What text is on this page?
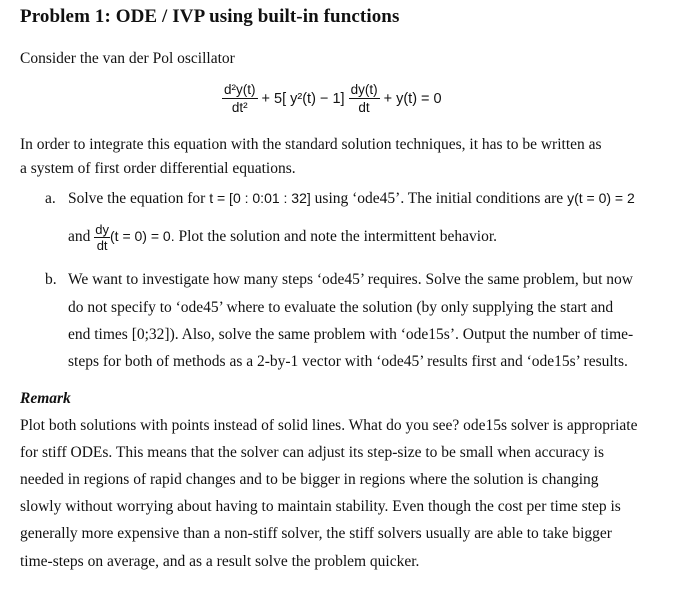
Problem 1: ODE / IVP using built-in functions
Consider the van der Pol oscillator
$\frac{\text{d²y(t)}}{\text{dt²}} + 5$[ $y^2(t) - 1] \frac{dy(t)}{dt} + y(t) = 0$
In order to integrate this equation with the standard solution techniques, it has to be written as
a system of first order differential equations.
a. Solve the equation for t = [0 : 0:01 : 32] using ‘ode45’. The initial conditions are y(t = 0) = 2
and $\frac{dy}{dt} (t = 0) = 0$. Plot the solution and note the intermittent behavior.
b. We want to investigate how many steps ‘ode45’ requires. Solve the same problem, but now
do not specify to ‘ode45’ where to evaluate the solution (by only supplying the start and
end times [0;32]). Also, solve the same problem with ‘ode15s’. Output the number of time-
steps for both of methods as a 2-by-1 vector with ‘ode45’ results first and ‘ode15s’ results.
Remark
Plot both solutions with points instead of solid lines. What do you see? ode15s solver is appropriate
for stiff ODEs. This means that the solver can adjust its step-size to be small when accuracy is
needed in regions of rapid changes and to be bigger in regions where the solution is changing
slowly without worrying about having to maintain stability. Even though the cost per time step is
generally more expensive than a non-stiff solver, the stiff solvers usually are able to take bigger
time-steps on average, and as a result solve the problem quicker.
